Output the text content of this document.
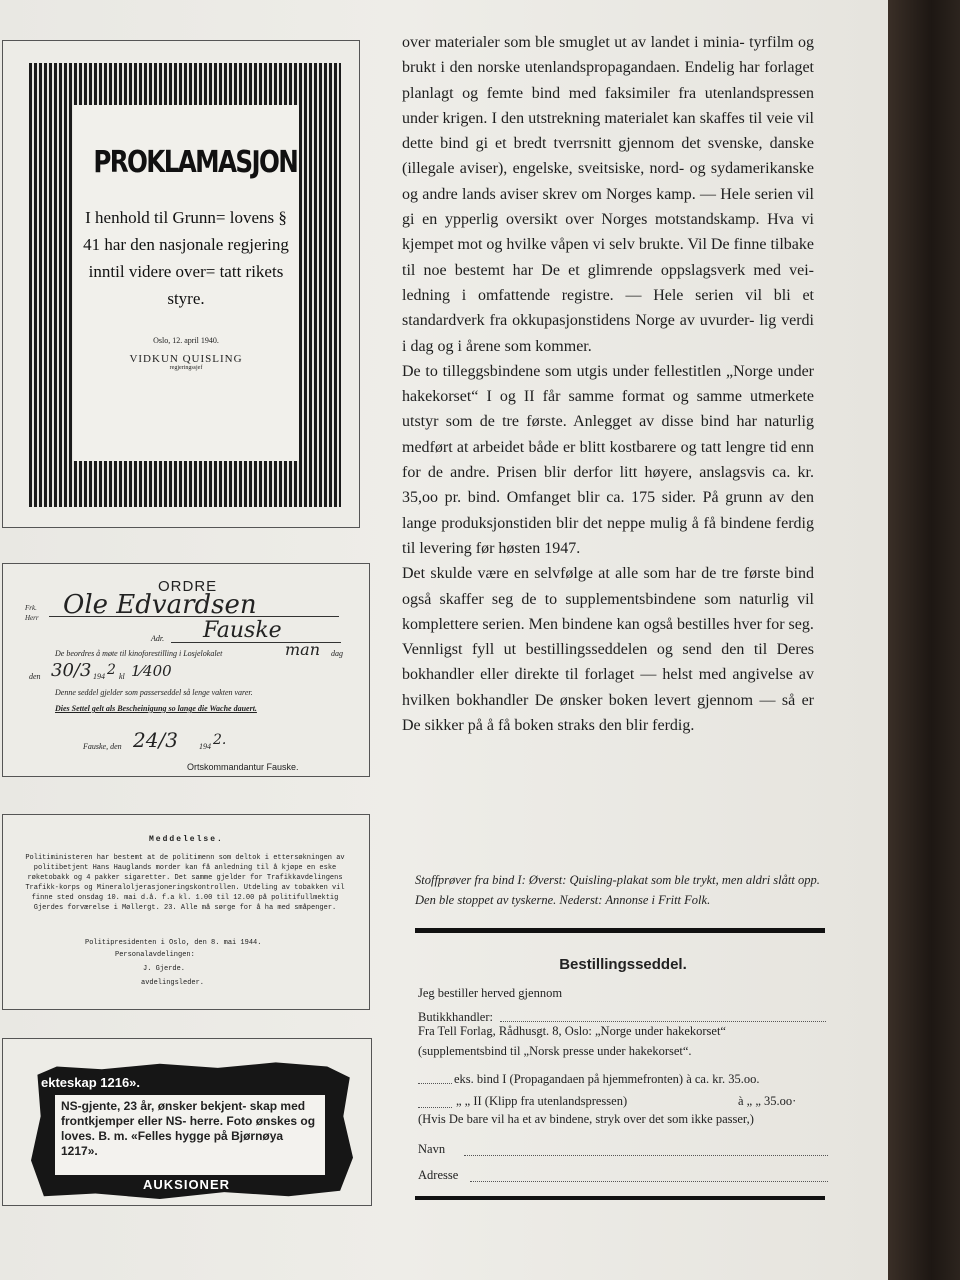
PROKLAMASJON
I henhold til Grunn= lovens § 41 har den nasjonale regjering inntil videre over= tatt rikets styre.
Oslo, 12. april 1940.
VIDKUN QUISLING
regjeringssjef
ORDRE
Frk.
Herr Ole Edvardsen
Adr. Fauske
De beordres å møte til kinoforestilling i Losjelokalet	man dag
den 30/3 194 2 kl 1⁄400
Denne seddel gjelder som passerseddel så lenge vakten varer.
Dies Settel gelt als Bescheinigung so lange die Wache dauert.
Fauske, den 24/3	194 2.
Ortskommandantur Fauske.
Meddelelse.
Politiministeren har bestemt at de politimenn som deltok i ettersøkningen av politibetjent Hans Hauglands morder kan få anledning til å kjøpe en eske røketobakk og 4 pakker sigaretter. Det samme gjelder for Trafikkavdelingens Trafikk-korps og Mineraloljerasjoneringskontrollen. Utdeling av tobakken vil finne sted onsdag 10. mai d.å. f.a kl. 1.00 til 12.00 på politifullmektig Gjerdes forværelse i Møllergt. 23. Alle må sørge for å ha med småpenger.
Politipresidenten i Oslo, den 8. mai 1944.
Personalavdelingen:
J. Gjerde.
avdelingsleder.
ekteskap 1216».
NS-gjente, 23 år, ønsker bekjent- skap med frontkjemper eller NS- herre. Foto ønskes og loves. B. m. «Felles hygge på Bjørnøya 1217».
AUKSIONER

over materialer som ble smuglet ut av landet i minia- tyrfilm og brukt i den norske utenlandspropagandaen. Endelig har forlaget planlagt og femte bind med faksimiler fra utenlandspressen under krigen. I den utstrekning materialet kan skaffes til veie vil dette bind gi et bredt tverrsnitt gjennom det svenske, danske (illegale aviser), engelske, sveitsiske, nord- og sydamerikanske og andre lands aviser skrev om Norges kamp. — Hele serien vil gi en ypperlig oversikt over Norges motstandskamp. Hva vi kjempet mot og hvilke våpen vi selv brukte. Vil De finne tilbake til noe bestemt har De et glimrende oppslagsverk med vei- ledning i omfattende registre. — Hele serien vil bli et standardverk fra okkupasjonstidens Norge av uvurder- lig verdi i dag og i årene som kommer.

De to tilleggsbindene som utgis under fellestitlen „Norge under hakekorset“ I og II får samme format og samme utmerkete utstyr som de tre første. Anlegget av disse bind har naturlig medført at arbeidet både er blitt kostbarere og tatt lengre tid enn for de andre. Prisen blir derfor litt høyere, anslagsvis ca. kr. 35,oo pr. bind. Omfanget blir ca. 175 sider. På grunn av den lange produksjonstiden blir det neppe mulig å få bindene ferdig til levering før høsten 1947.

Det skulde være en selvfølge at alle som har de tre første bind også skaffer seg de to supplementsbindene som naturlig vil komplettere serien. Men bindene kan også bestilles hver for seg.

Vennligst fyll ut bestillingsseddelen og send den til Deres bokhandler eller direkte til forlaget — helst med angivelse av hvilken bokhandler De ønsker boken levert gjennom — så er De sikker på å få boken straks den blir ferdig.

Stoffprøver fra bind I: Øverst: Quisling-plakat som ble trykt, men aldri slått opp. Den ble stoppet av tyskerne. Nederst: Annonse i Fritt Folk.
Bestillingsseddel.
Jeg bestiller herved gjennom
Butikkhandler:
Fra Tell Forlag, Rådhusgt. 8, Oslo: „Norge under hakekorset“
(supplementsbind til „Norsk presse under hakekorset“.
eks. bind I (Propagandaen på hjemmefronten) à ca. kr. 35.oo.
„ „ II (Klipp fra utenlandspressen)	à „ „ 35.oo·
(Hvis De bare vil ha et av bindene, stryk over det som ikke passer,)
Navn
Adresse
